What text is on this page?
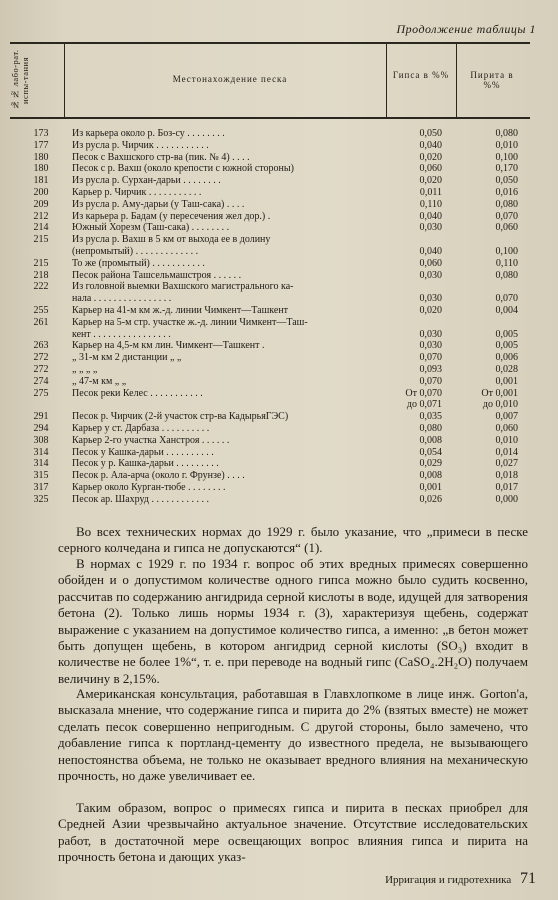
Продолжение таблицы 1
№№ лабо-рат. испы-тания	Местонахождение песка	Гипса в %%	Пирита в %%
173	Из карьера около р. Боз-су . . . . . . . .	0,050	0,080
177	Из русла р. Чирчик . . . . . . . . . . .	0,040	0,010
180	Песок с Вахшского стр-ва (пик. № 4) . . . .	0,020	0,100
180	Песок с р. Вахш (около крепости с южной стороны)	0,060	0,170
181	Из русла р. Сурхан-дарьи . . . . . . . .	0,020	0,050
200	Карьер р. Чирчик . . . . . . . . . . .	0,011	0,016
209	Из русла р. Аму-дарьи (у Таш-сака) . . . .	0,110	0,080
212	Из карьера р. Бадам (у пересечения жел дор.) .	0,040	0,070
214	Южный Хорезм (Таш-сака) . . . . . . . .	0,030	0,060
215	Из русла р. Вахш в 5 км от выхода ее в долину
(непромытый) . . . . . . . . . . . . .	0,040	0,100
215	То же (промытый) . . . . . . . . . . .	0,060	0,110
218	Песок района Ташсельмашстроя . . . . . .	0,030	0,080
222	Из головной выемки Вахшского магистрального ка-
нала . . . . . . . . . . . . . . . .	0,030	0,070
255	Карьер на 41-м км ж.-д. линии Чимкент—Ташкент	0,020	0,004
261	Карьер на 5-м стр. участке ж.-д. линии Чимкент—Таш-
кент . . . . . . . . . . . . . . . .	0,030	0,005
263	Карьер на 4,5-м км лин. Чимкент—Ташкент .	0,030	0,005
272	„ 31-м км 2 дистанции „ „	0,070	0,006
272	„ „ „ „	0,093	0,028
274	„ 47-м км „ „	0,070	0,001
275	Песок реки Келес . . . . . . . . . . .	От 0,070	От 0,001
до 0,071	до 0,010
291	Песок р. Чирчик (2-й участок стр-ва КадырьяГЭС)	0,035	0,007
294	Карьер у ст. Дарбаза . . . . . . . . . .	0,080	0,060
308	Карьер 2-го участка Ханстроя . . . . . .	0,008	0,010
314	Песок у Кашка-дарьи . . . . . . . . . .	0,054	0,014
314	Песок у р. Кашка-дарьи . . . . . . . . .	0,029	0,027
315	Песок р. Ала-арча (около г. Фрунзе) . . . .	0,008	0,018
317	Карьер около Курган-тюбе . . . . . . . .	0,001	0,017
325	Песок ар. Шахруд . . . . . . . . . . . .	0,026	0,000
Во всех технических нормах до 1929 г. было указание, что „примеси в песке серного колчедана и гипса не допускаются“ (1).
В нормах с 1929 г. по 1934 г. вопрос об этих вредных примесях совершенно обойден и о допустимом количестве одного гипса можно было судить косвенно, рассчитав по содержанию ангидрида серной кислоты в воде, идущей для затворения бетона (2). Только лишь нормы 1934 г. (3), характеризуя щебень, содержат выражение с указанием на допустимое количество гипса, а именно: „в бетон может быть допущен щебень, в котором ангидрид серной кислоты (SO₃) входит в количестве не более 1%“, т. е. при переводе на водный гипс (CaSO₄.2H₂O) получаем величину в 2,15%.
Американская консультация, работавшая в Главхлопкоме в лице инж. Gorton'а, высказала мнение, что содержание гипса и пирита до 2% (взятых вместе) не может сделать песок совершенно непригодным. С другой стороны, было замечено, что добавление гипса к портланд-цементу до известного предела, не вызывающего непостоянства объема, не только не оказывает вредного влияния на механическую прочность, но даже увеличивает ее.
Таким образом, вопрос о примесях гипса и пирита в песках приобрел для Средней Азии чрезвычайно актуальное значение. Отсутствие исследовательских работ, в достаточной мере освещающих вопрос влияния гипса и пирита на прочность бетона и дающих указ-
Ирригация и гидротехника 71
